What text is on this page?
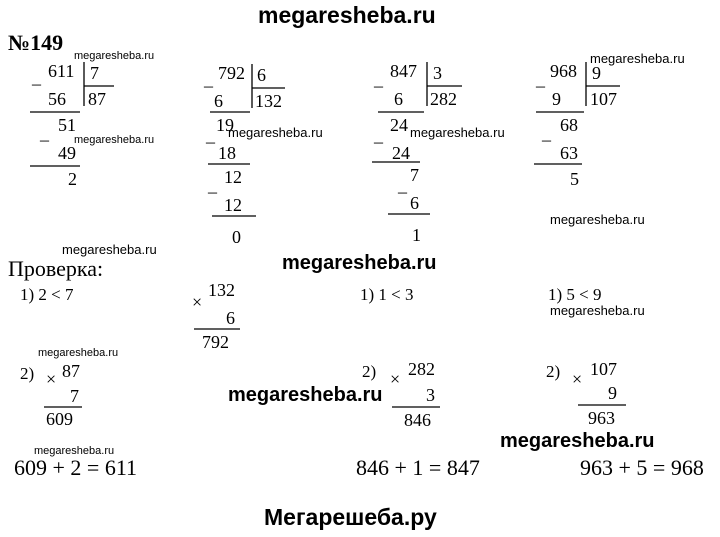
megaresheba.ru
Мегарешеба.ру
№149
_ 611 7
87
56
51
_
49
2
_ 792 6
132
6
19
_
18
_ 12
12
0
_ 847 3
282
6
_ 24
24
_ 7
6
1
_ 968 9
107
9
68
_
63
5
Проверка:
1) 2 < 7	1) 1 < 3	1) 5 < 9
×
132
6
792
2) × 87
7
609
2) × 282
3
846
2) × 107
9
963
609 + 2 = 611	846 + 1 = 847	963 + 5 = 968
megaresheba.ru	megaresheba.ru
megaresheba.ru	megaresheba.ru	megaresheba.ru
megaresheba.ru
megaresheba.ru
megaresheba.ru
megaresheba.ru
megaresheba.ru
megaresheba.ru
megaresheba.ru
megaresheba.ru
